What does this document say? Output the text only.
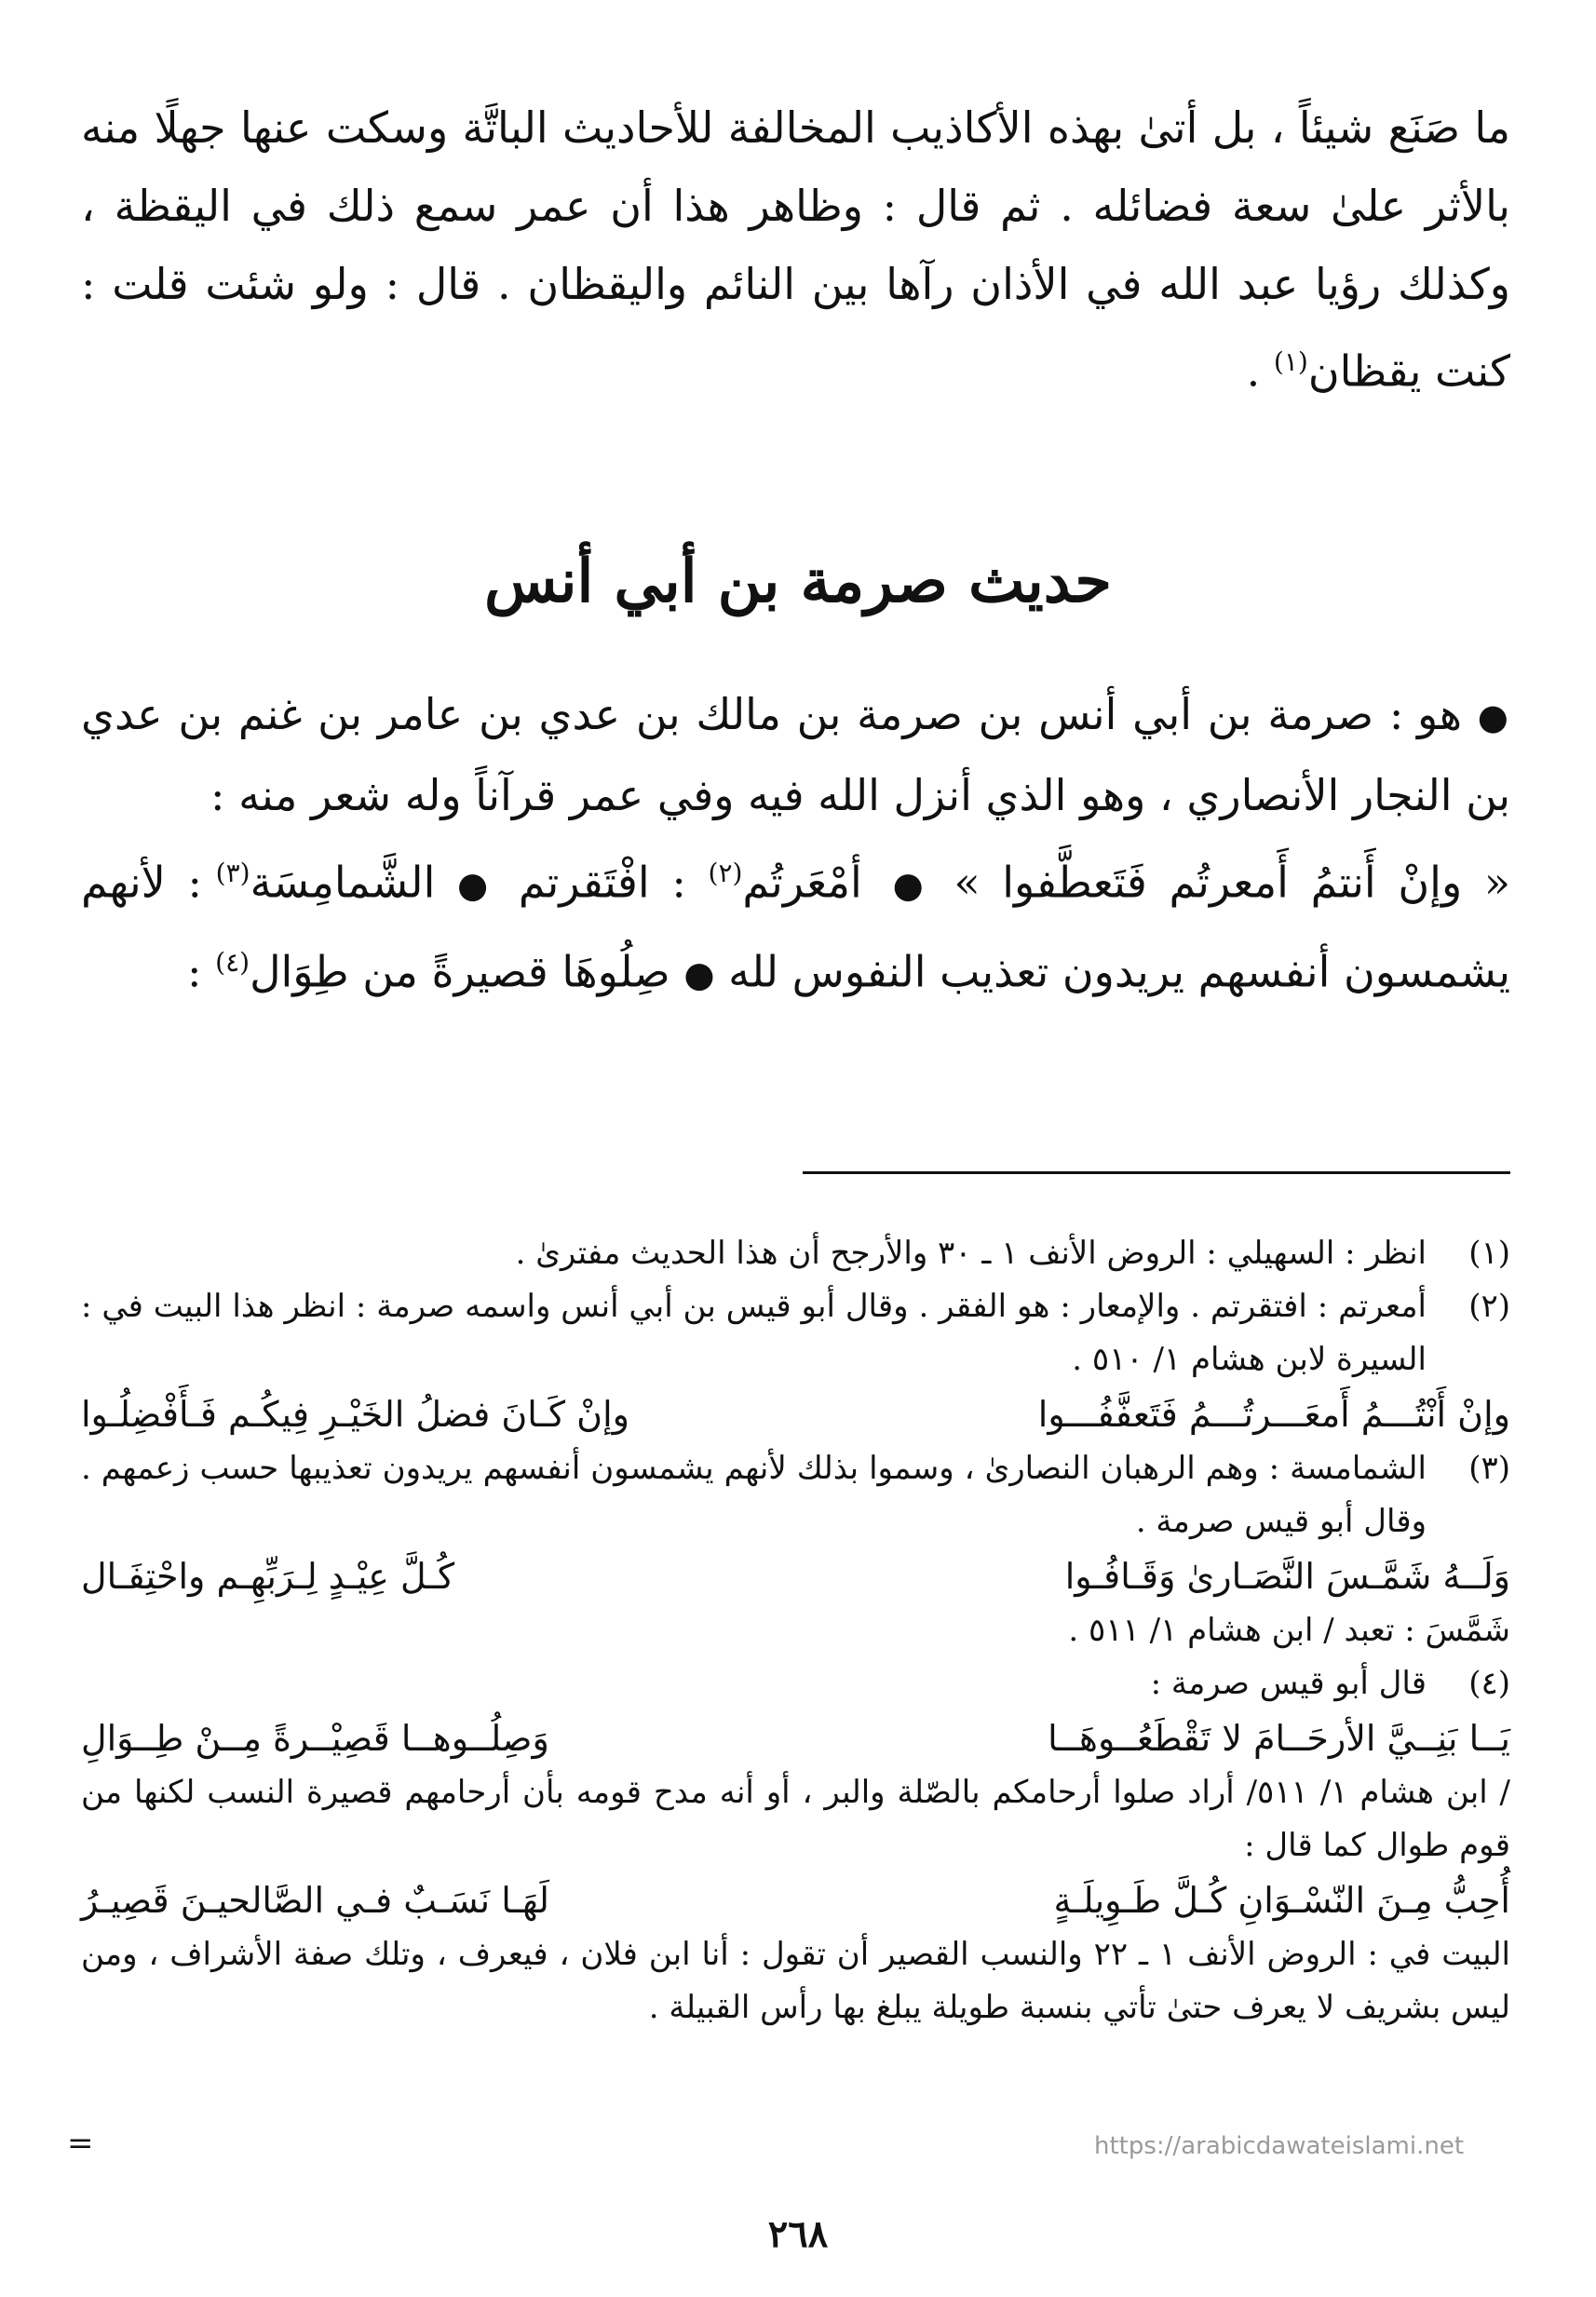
ما صَنَع شيئاً ، بل أتىٰ بهذه الأكاذيب المخالفة للأحاديث الباتَّة وسكت عنها جهلًا منه بالأثر علىٰ سعة فضائله . ثم قال : وظاهر هذا أن عمر سمع ذلك في اليقظة ، وكذلك رؤيا عبد الله في الأذان رآها بين النائم واليقظان . قال : ولو شئت قلت : كنت يقظان$^{(١)}$ .

حديث صرمة بن أبي أنس

● هو : صرمة بن أبي أنس بن صرمة بن مالك بن عدي بن عامر بن غنم بن عدي بن النجار الأنصاري ، وهو الذي أنزل الله فيه وفي عمر قرآناً وله شعر منه :

« وإنْ أَنتمُ أَمعرتُم فَتَعطَّفوا » ● أمْعَرتُم$^{(٢)}$ : افْتَقرتم ● الشَّمامِسَة$^{(٣)}$ : لأنهم يشمسون أنفسهم يريدون تعذيب النفوس لله ● صِلُوهَا قصيرةً من طِوَال$^{(٤)}$ :

(١)
انظر : السهيلي : الروض الأنف ١ ـ ٣٠ والأرجح أن هذا الحديث مفترىٰ .
(٢)
أمعرتم : افتقرتم . والإمعار : هو الفقر . وقال أبو قيس بن أبي أنس واسمه صرمة : انظر هذا البيت في : السيرة لابن هشام ١/ ٥١٠ .
وإنْ أَنْتُـــمُ أَمعَـــرتُـــمُ فَتَعفَّفُـــوا
وإنْ كَـانَ فضلُ الخَيْـرِ فِيكُـم فَـأَفْضِلُـوا
(٣)
الشمامسة : وهم الرهبان النصارىٰ ، وسموا بذلك لأنهم يشمسون أنفسهم يريدون تعذيبها حسب زعمهم . وقال أبو قيس صرمة .
وَلَــهُ شَمَّـسَ النَّصَـارىٰ وَقَـافُـوا
كُـلَّ عِيْـدٍ لِـرَبِّهِـم واحْتِفَـال
شَمَّسَ : تعبد / ابن هشام ١/ ٥١١ .
(٤)
قال أبو قيس صرمة :
يَــا بَنِــيَّ الأرحَــامَ لا تَقْطَعُــوهَــا
وَصِلُــوهــا قَصِيْــرةً مِــنْ طِــوَالِ
/ ابن هشام ١/ ٥١١/ أراد صلوا أرحامكم بالصّلة والبر ، أو أنه مدح قومه بأن أرحامهم قصيرة النسب لكنها من قوم طوال كما قال :
أُحِبُّ مِـنَ النّسْـوَانِ كُـلَّ طَـوِيلَـةٍ
لَهَـا نَسَـبٌ فـي الصَّالحيـنَ قَصِيـرُ
البيت في : الروض الأنف ١ ـ ٢٢ والنسب القصير أن تقول : أنا ابن فلان ، فيعرف ، وتلك صفة الأشراف ، ومن ليس بشريف لا يعرف حتىٰ تأتي بنسبة طويلة يبلغ بها رأس القبيلة .
=	https://arabicdawateislami.net
٢٦٨
